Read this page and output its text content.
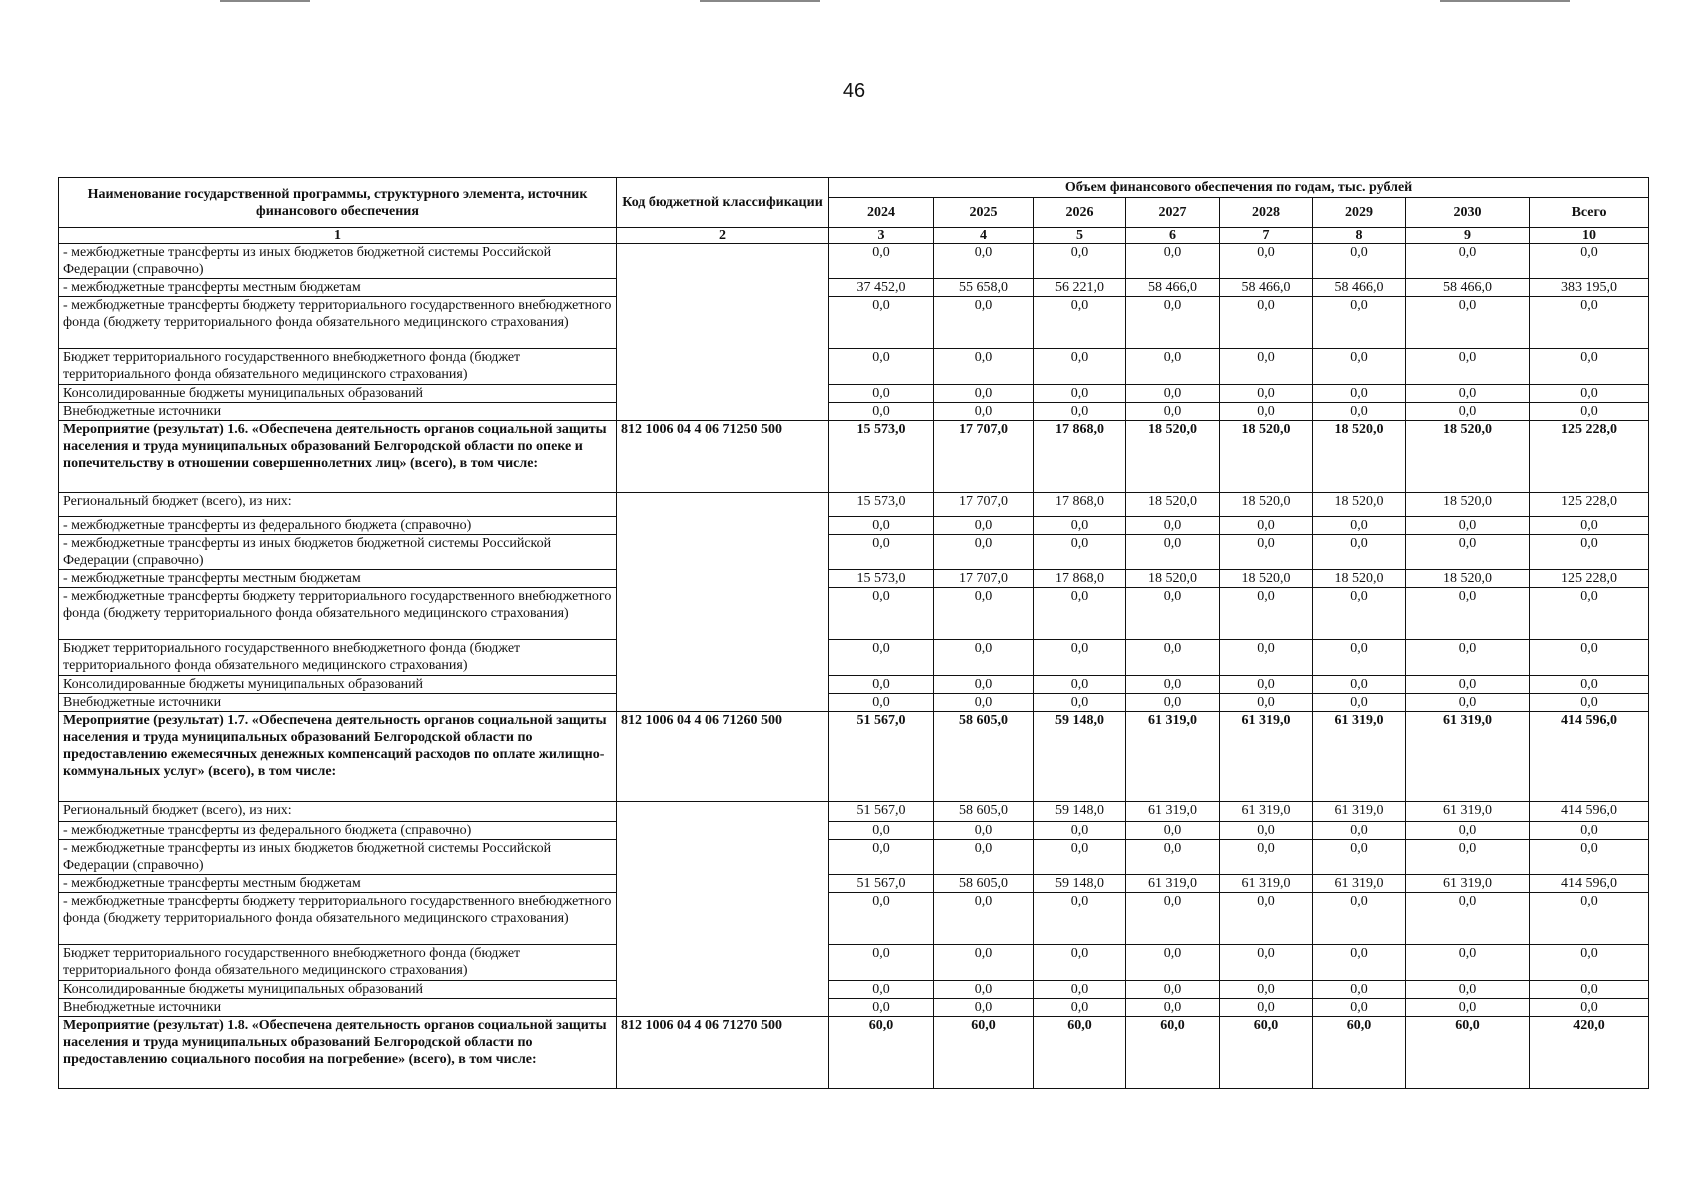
46
Наименование государственной программы, структурного элемента, источник финансового обеспечения	Код бюджетной классификации	Объем финансового обеспечения по годам, тыс. рублей							
		2024	2025	2026	2027	2028	2029	2030	Всего
1	2	3	4	5	6	7	8	9	10
- межбюджетные трансферты из иных бюджетов бюджетной системы Российской Федерации (справочно)		0,0	0,0	0,0	0,0	0,0	0,0	0,0	0,0
- межбюджетные трансферты местным бюджетам		37 452,0	55 658,0	56 221,0	58 466,0	58 466,0	58 466,0	58 466,0	383 195,0
- межбюджетные трансферты бюджету территориального государственного внебюджетного фонда (бюджету территориального фонда обязательного медицинского страхования)		0,0	0,0	0,0	0,0	0,0	0,0	0,0	0,0
Бюджет территориального государственного внебюджетного фонда (бюджет территориального фонда обязательного медицинского страхования)		0,0	0,0	0,0	0,0	0,0	0,0	0,0	0,0
Консолидированные бюджеты муниципальных образований		0,0	0,0	0,0	0,0	0,0	0,0	0,0	0,0
Внебюджетные источники		0,0	0,0	0,0	0,0	0,0	0,0	0,0	0,0
Мероприятие (результат) 1.6. «Обеспечена деятельность органов социальной защиты населения и труда муниципальных образований Белгородской области по опеке и попечительству в отношении совершеннолетних лиц» (всего), в том числе:	812 1006 04 4 06 71250 500	15 573,0	17 707,0	17 868,0	18 520,0	18 520,0	18 520,0	18 520,0	125 228,0
Региональный бюджет (всего), из них:		15 573,0	17 707,0	17 868,0	18 520,0	18 520,0	18 520,0	18 520,0	125 228,0
- межбюджетные трансферты из федерального бюджета (справочно)		0,0	0,0	0,0	0,0	0,0	0,0	0,0	0,0
- межбюджетные трансферты из иных бюджетов бюджетной системы Российской Федерации (справочно)		0,0	0,0	0,0	0,0	0,0	0,0	0,0	0,0
- межбюджетные трансферты местным бюджетам		15 573,0	17 707,0	17 868,0	18 520,0	18 520,0	18 520,0	18 520,0	125 228,0
- межбюджетные трансферты бюджету территориального государственного внебюджетного фонда (бюджету территориального фонда обязательного медицинского страхования)		0,0	0,0	0,0	0,0	0,0	0,0	0,0	0,0
Бюджет территориального государственного внебюджетного фонда (бюджет территориального фонда обязательного медицинского страхования)		0,0	0,0	0,0	0,0	0,0	0,0	0,0	0,0
Консолидированные бюджеты муниципальных образований		0,0	0,0	0,0	0,0	0,0	0,0	0,0	0,0
Внебюджетные источники		0,0	0,0	0,0	0,0	0,0	0,0	0,0	0,0
Мероприятие (результат) 1.7. «Обеспечена деятельность органов социальной защиты населения и труда муниципальных образований Белгородской области по предоставлению ежемесячных денежных компенсаций расходов по оплате жилищно-коммунальных услуг» (всего), в том числе:	812 1006 04 4 06 71260 500	51 567,0	58 605,0	59 148,0	61 319,0	61 319,0	61 319,0	61 319,0	414 596,0
Региональный бюджет (всего), из них:		51 567,0	58 605,0	59 148,0	61 319,0	61 319,0	61 319,0	61 319,0	414 596,0
- межбюджетные трансферты из федерального бюджета (справочно)		0,0	0,0	0,0	0,0	0,0	0,0	0,0	0,0
- межбюджетные трансферты из иных бюджетов бюджетной системы Российской Федерации (справочно)		0,0	0,0	0,0	0,0	0,0	0,0	0,0	0,0
- межбюджетные трансферты местным бюджетам		51 567,0	58 605,0	59 148,0	61 319,0	61 319,0	61 319,0	61 319,0	414 596,0
- межбюджетные трансферты бюджету территориального государственного внебюджетного фонда (бюджету территориального фонда обязательного медицинского страхования)		0,0	0,0	0,0	0,0	0,0	0,0	0,0	0,0
Бюджет территориального государственного внебюджетного фонда (бюджет территориального фонда обязательного медицинского страхования)		0,0	0,0	0,0	0,0	0,0	0,0	0,0	0,0
Консолидированные бюджеты муниципальных образований		0,0	0,0	0,0	0,0	0,0	0,0	0,0	0,0
Внебюджетные источники		0,0	0,0	0,0	0,0	0,0	0,0	0,0	0,0
Мероприятие (результат) 1.8. «Обеспечена деятельность органов социальной защиты населения и труда муниципальных образований Белгородской области по предоставлению социального пособия на погребение» (всего), в том числе:	812 1006 04 4 06 71270 500	60,0	60,0	60,0	60,0	60,0	60,0	60,0	420,0
